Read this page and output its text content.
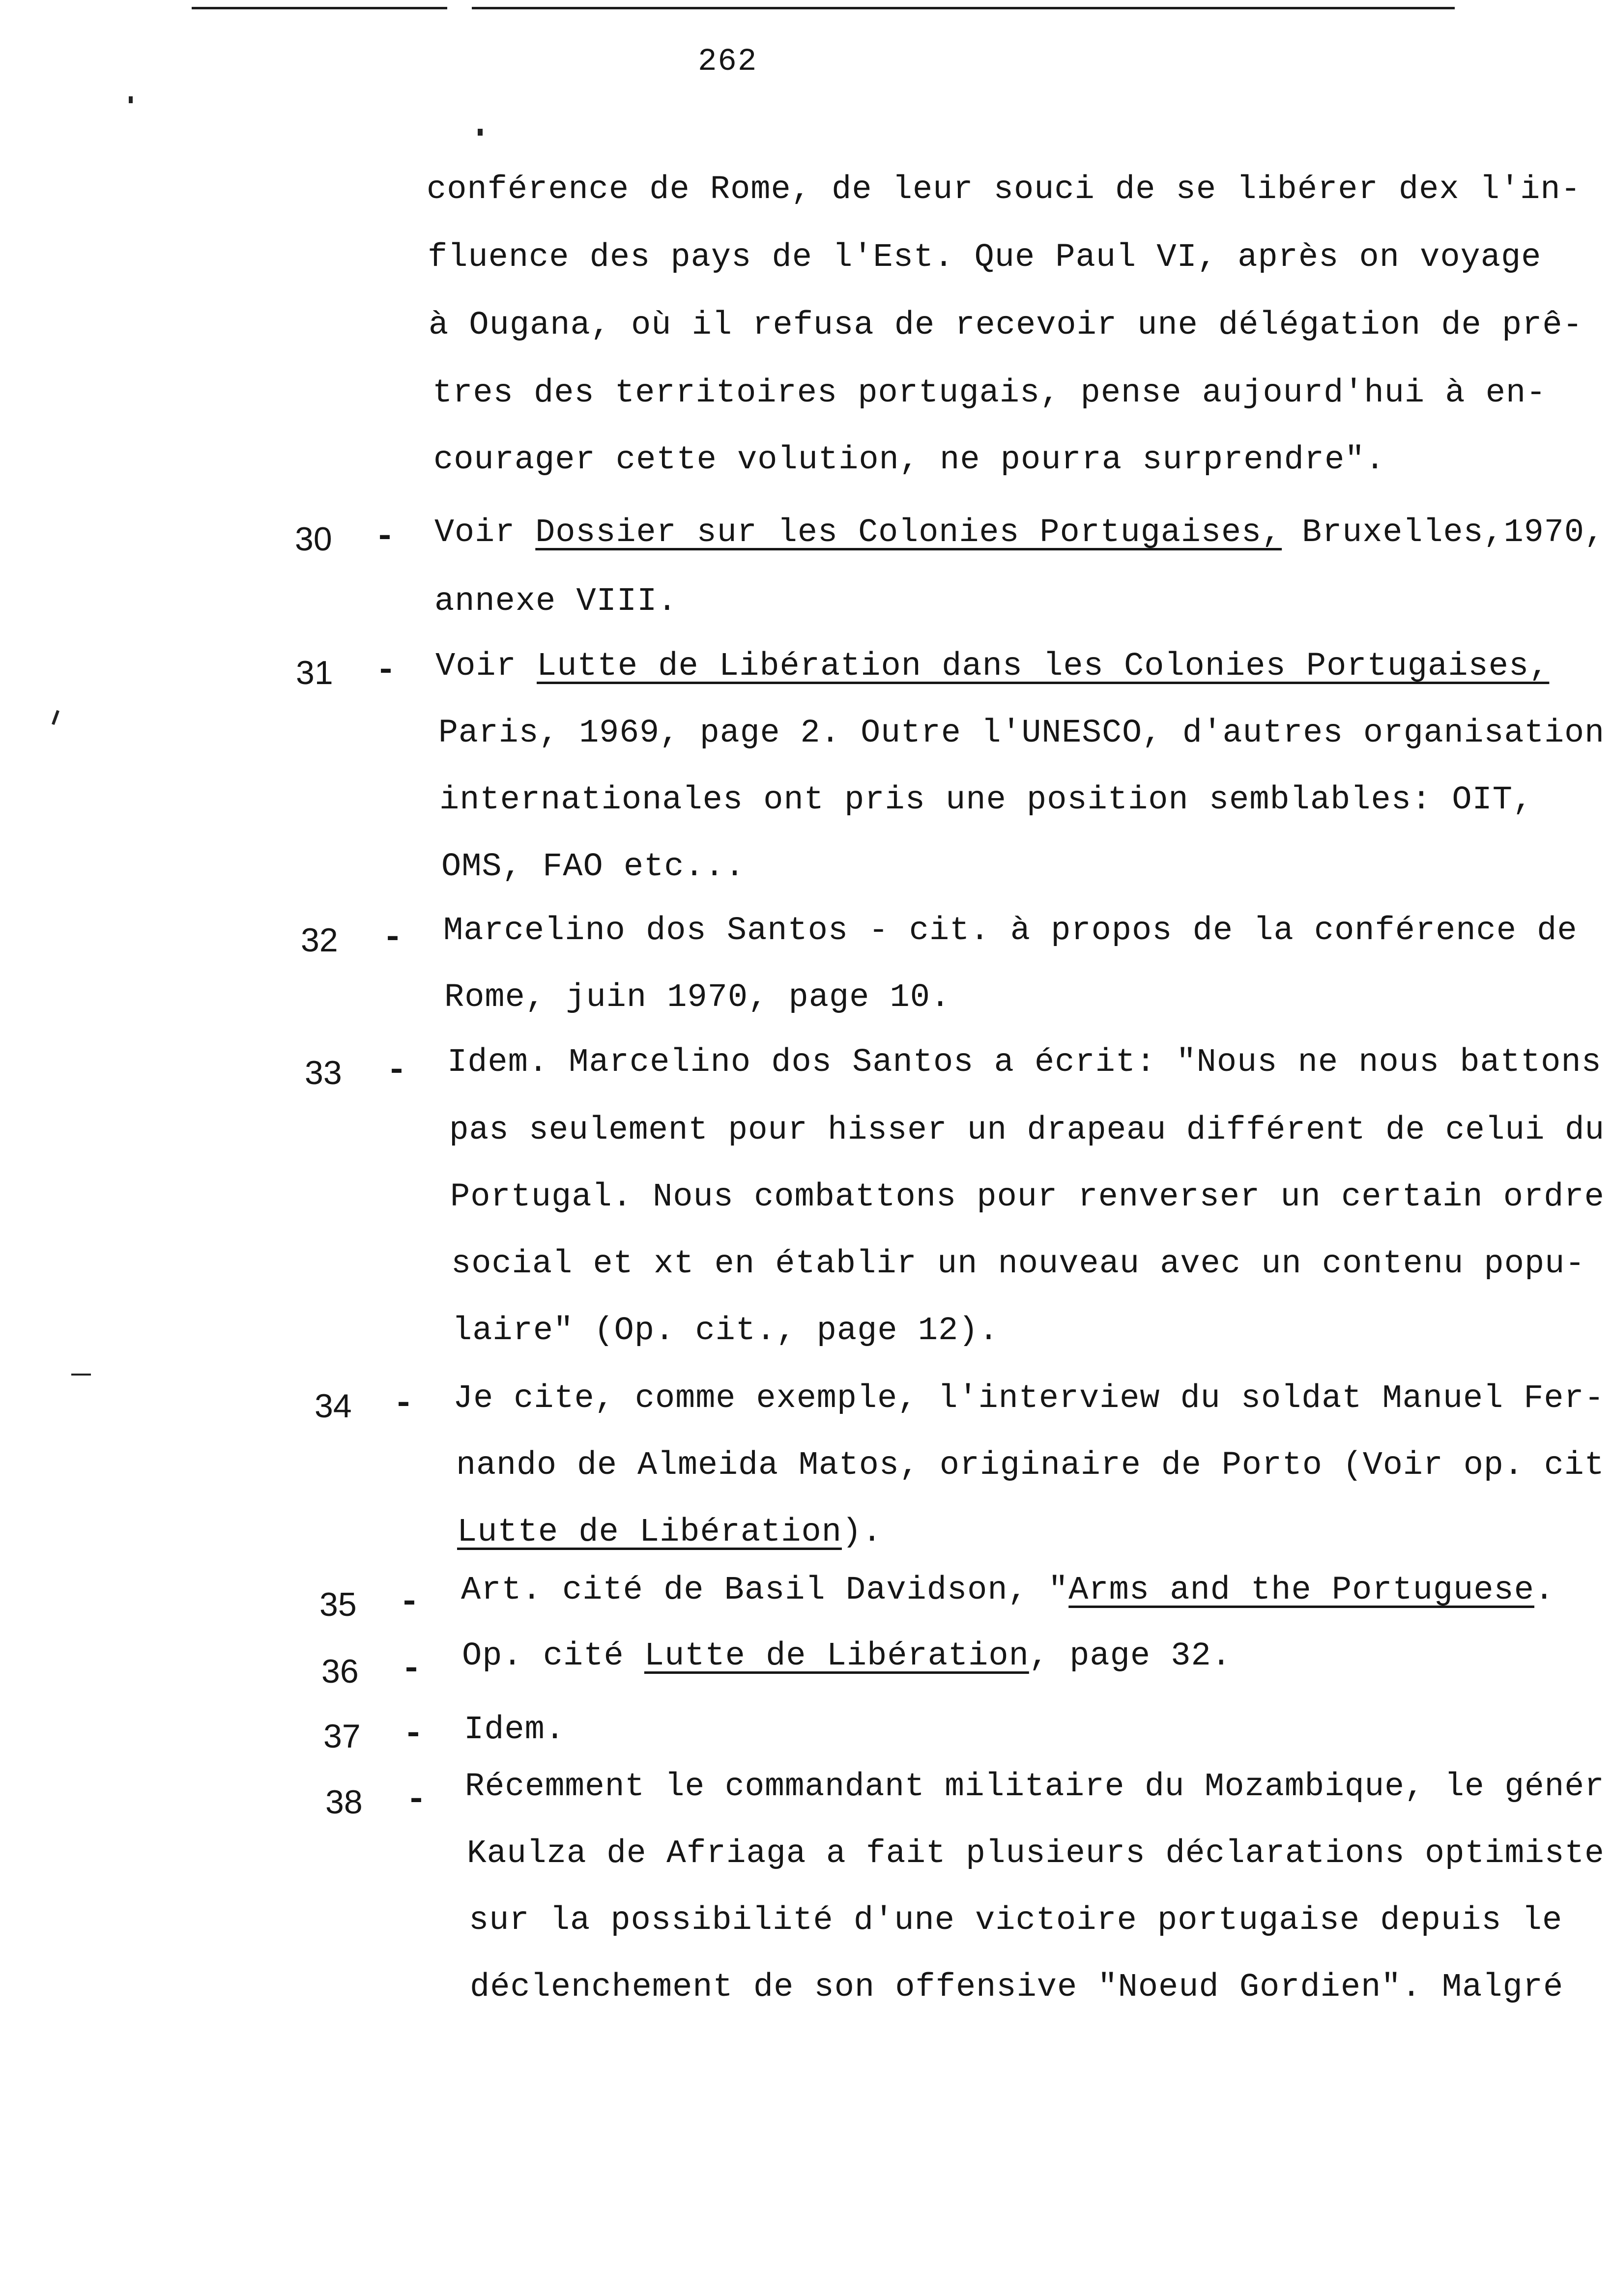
262
conférence de Rome, de leur souci de se libérer dex l'in-
fluence des pays de l'Est. Que Paul VI, après on voyage
à Ougana, où il refusa de recevoir une délégation de prê-
tres des territoires portugais, pense aujourd'hui à en-
courager cette volution, ne pourra surprendre".
30 - Voir Dossier sur les Colonies Portugaises, Bruxelles,1970,
annexe VIII.
31 - Voir Lutte de Libération dans les Colonies Portugaises,
Paris, 1969, page 2. Outre l'UNESCO, d'autres organisation
internationales ont pris une position semblables: OIT,
OMS, FAO etc...
32 - Marcelino dos Santos - cit. à propos de la conférence de
Rome, juin 1970, page 10.
33 - Idem. Marcelino dos Santos a écrit: "Nous ne nous battons
pas seulement pour hisser un drapeau différent de celui du
Portugal. Nous combattons pour renverser un certain ordre
social et xt en établir un nouveau avec un contenu popu-
laire" (Op. cit., page 12).
34 - Je cite, comme exemple, l'interview du soldat Manuel Fer-
nando de Almeida Matos, originaire de Porto (Voir op. cit
Lutte de Libération).
35 - Art. cité de Basil Davidson, "Arms and the Portuguese.
36 - Op. cité Lutte de Libération, page 32.
37 - Idem.
38 - Récemment le commandant militaire du Mozambique, le génér
Kaulza de Afriaga a fait plusieurs déclarations optimiste
sur la possibilité d'une victoire portugaise depuis le
déclenchement de son offensive "Noeud Gordien". Malgré
